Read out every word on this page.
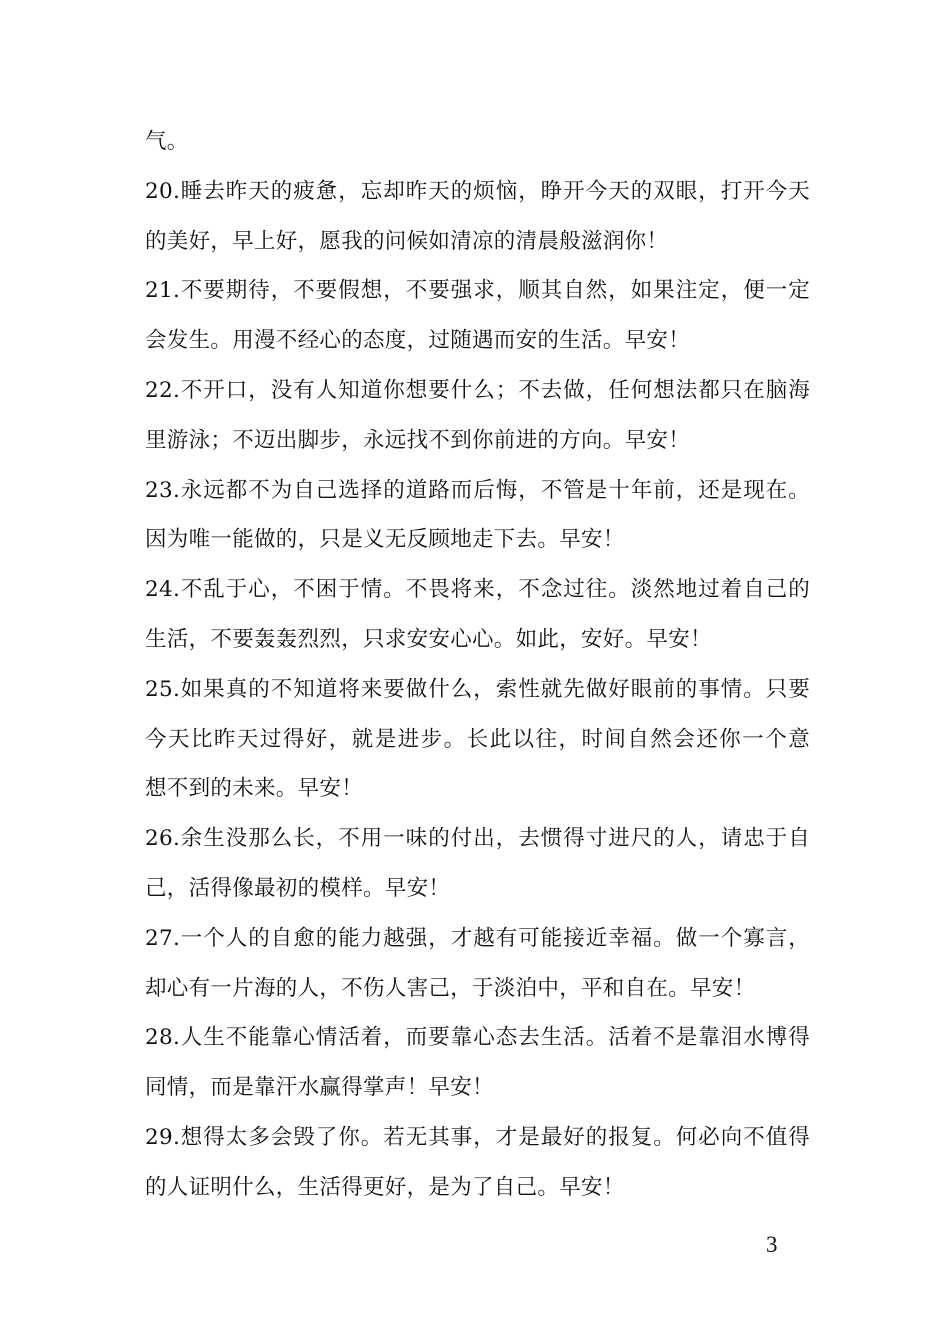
气。
20.睡去昨天的疲惫，忘却昨天的烦恼，睁开今天的双眼，打开今天
的美好，早上好，愿我的问候如清凉的清晨般滋润你！
21.不要期待，不要假想，不要强求，顺其自然，如果注定，便一定
会发生。用漫不经心的态度，过随遇而安的生活。早安！
22.不开口，没有人知道你想要什么；不去做，任何想法都只在脑海
里游泳；不迈出脚步，永远找不到你前进的方向。早安！
23.永远都不为自己选择的道路而后悔，不管是十年前，还是现在。
因为唯一能做的，只是义无反顾地走下去。早安！
24.不乱于心，不困于情。不畏将来，不念过往。淡然地过着自己的
生活，不要轰轰烈烈，只求安安心心。如此，安好。早安！
25.如果真的不知道将来要做什么，索性就先做好眼前的事情。只要
今天比昨天过得好，就是进步。长此以往，时间自然会还你一个意
想不到的未来。早安！
26.余生没那么长，不用一味的付出，去惯得寸进尺的人，请忠于自
己，活得像最初的模样。早安！
27.一个人的自愈的能力越强，才越有可能接近幸福。做一个寡言，
却心有一片海的人，不伤人害己，于淡泊中，平和自在。早安！
28.人生不能靠心情活着，而要靠心态去生活。活着不是靠泪水博得
同情，而是靠汗水赢得掌声！早安！
29.想得太多会毁了你。若无其事，才是最好的报复。何必向不值得
的人证明什么，生活得更好，是为了自己。早安！
3
